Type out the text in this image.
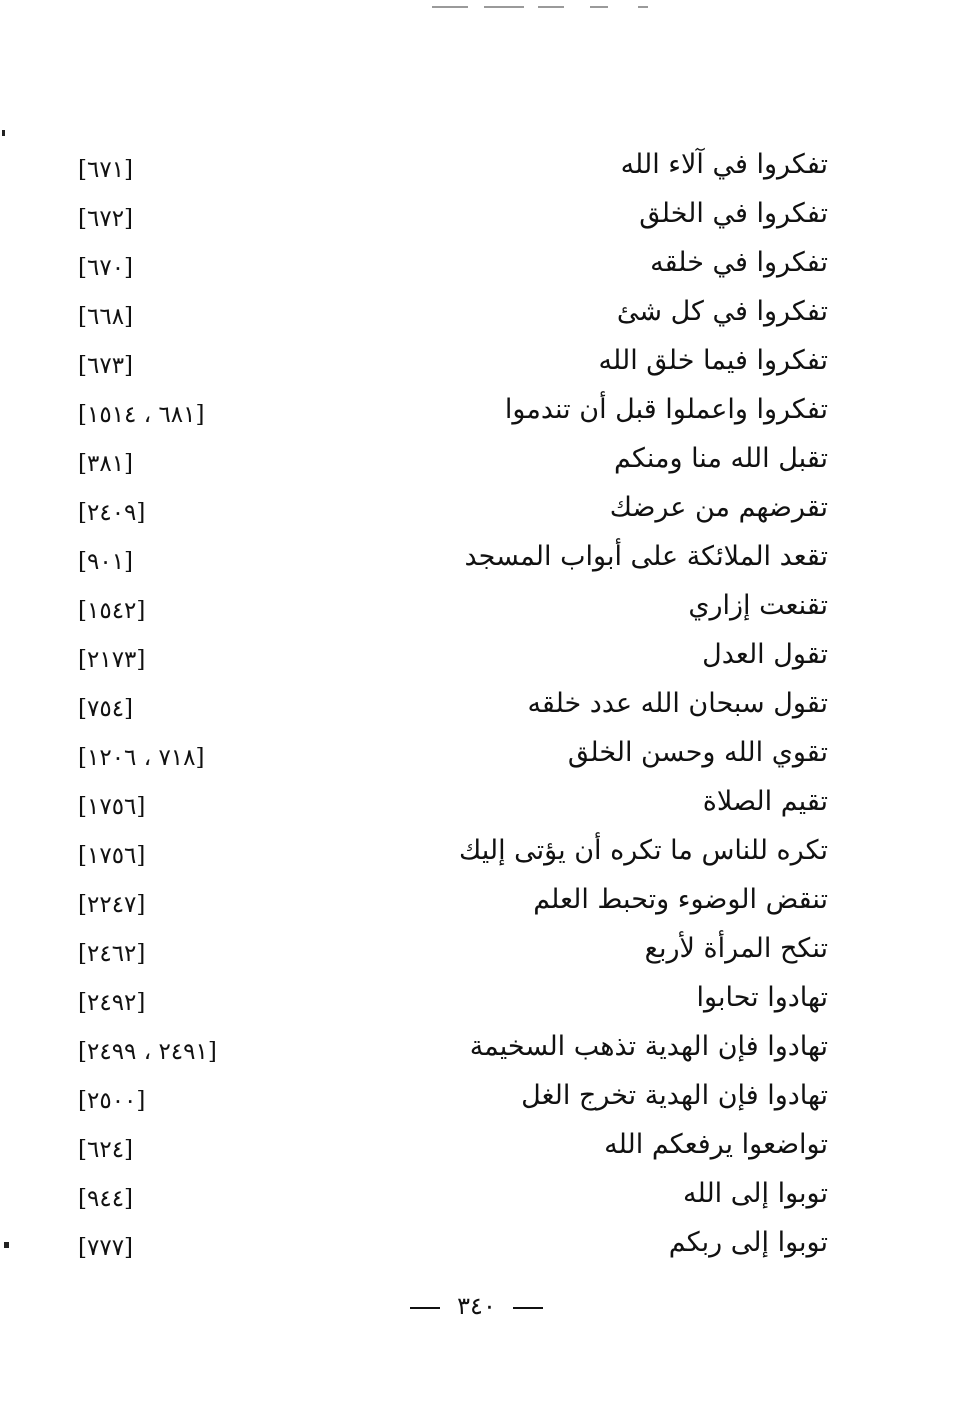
تفكروا في آلاء الله
[٦٧١]
تفكروا في الخلق
[٦٧٢]
تفكروا في خلقه
[٦٧٠]
تفكروا في كل شئ
[٦٦٨]
تفكروا فيما خلق الله
[٦٧٣]
تفكروا واعملوا قبل أن تندموا
[٦٨١ ، ١٥١٤]
تقبل الله منا ومنكم
[٣٨١]
تقرضهم من عرضك
[٢٤٠٩]
تقعد الملائكة على أبواب المسجد
[٩٠١]
تقنعت إزاري
[١٥٤٢]
تقول العدل
[٢١٧٣]
تقول سبحان الله عدد خلقه
[٧٥٤]
تقوي الله وحسن الخلق
[٧١٨ ، ١٢٠٦]
تقيم الصلاة
[١٧٥٦]
تكره للناس ما تكره أن يؤتى إليك
[١٧٥٦]
تنقض الوضوء وتحبط العلم
[٢٢٤٧]
تنكح المرأة لأربع
[٢٤٦٢]
تهادوا تحابوا
[٢٤٩٢]
تهادوا فإن الهدية تذهب السخيمة
[٢٤٩١ ، ٢٤٩٩]
تهادوا فإن الهدية تخرج الغل
[٢٥٠٠]
تواضعوا يرفعكم الله
[٦٢٤]
توبوا إلى الله
[٩٤٤]
توبوا إلى ربكم
[٧٧٧]
٣٤٠
